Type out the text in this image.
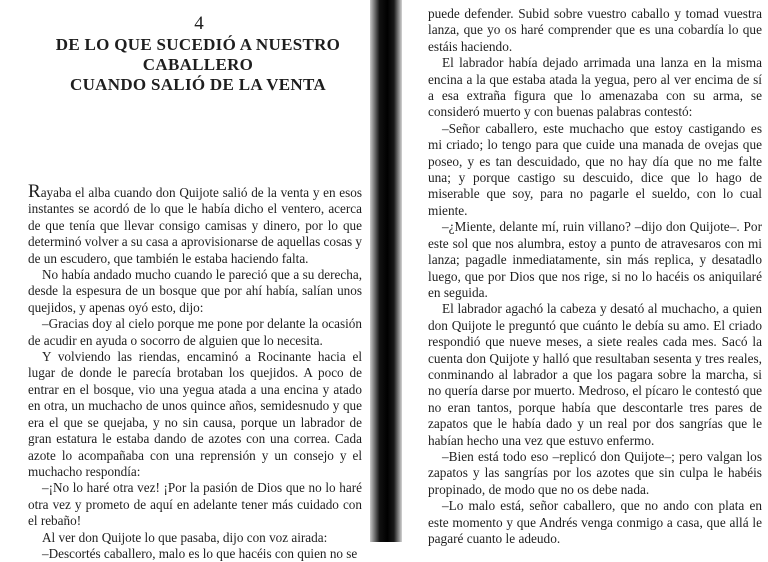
4
DE LO QUE SUCEDIÓ A NUESTRO CABALLERO
CUANDO SALIÓ DE LA VENTA

Rayaba el alba cuando don Quijote salió de la venta y en esos instantes se acordó de lo que le había dicho el ventero, acerca de que tenía que llevar consigo camisas y dinero, por lo que determinó volver a su casa a aprovisionarse de aquellas cosas y de un escudero, que también le estaba haciendo falta.

No había andado mucho cuando le pareció que a su derecha, desde la espesura de un bosque que por ahí había, salían unos quejidos, y apenas oyó esto, dijo:

–Gracias doy al cielo porque me pone por delante la ocasión de acudir en ayuda o socorro de alguien que lo necesita.

Y volviendo las riendas, encaminó a Rocinante hacia el lugar de donde le parecía brotaban los quejidos. A poco de entrar en el bosque, vio una yegua atada a una encina y atado en otra, un muchacho de unos quince años, semidesnudo y que era el que se quejaba, y no sin causa, porque un labrador de gran estatura le estaba dando de azotes con una correa. Cada azote lo acompañaba con una reprensión y un consejo y el muchacho respondía:

–¡No lo haré otra vez! ¡Por la pasión de Dios que no lo haré otra vez y prometo de aquí en adelante tener más cuidado con el rebaño!

Al ver don Quijote lo que pasaba, dijo con voz airada:

–Descortés caballero, malo es lo que hacéis con quien no se

puede defender. Subid sobre vuestro caballo y tomad vuestra lanza, que yo os haré comprender que es una cobardía lo que estáis haciendo.

El labrador había dejado arrimada una lanza en la misma encina a la que estaba atada la yegua, pero al ver encima de sí a esa extraña figura que lo amenazaba con su arma, se consideró muerto y con buenas palabras contestó:

–Señor caballero, este muchacho que estoy castigando es mi criado; lo tengo para que cuide una manada de ovejas que poseo, y es tan descuidado, que no hay día que no me falte una; y porque castigo su descuido, dice que lo hago de miserable que soy, para no pagarle el sueldo, con lo cual miente.

–¿Miente, delante mí, ruin villano? –dijo don Quijote–. Por este sol que nos alumbra, estoy a punto de atravesaros con mi lanza; pagadle inmediatamente, sin más replica, y desatadlo luego, que por Dios que nos rige, si no lo hacéis os aniquilaré en seguida.

El labrador agachó la cabeza y desató al muchacho, a quien don Quijote le preguntó que cuánto le debía su amo. El criado respondió que nueve meses, a siete reales cada mes. Sacó la cuenta don Quijote y halló que resultaban sesenta y tres reales, conminando al labrador a que los pagara sobre la marcha, si no quería darse por muerto. Medroso, el pícaro le contestó que no eran tantos, porque había que descontarle tres pares de zapatos que le había dado y un real por dos sangrías que le habían hecho una vez que estuvo enfermo.

–Bien está todo eso –replicó don Quijote–; pero valgan los zapatos y las sangrías por los azotes que sin culpa le habéis propinado, de modo que no os debe nada.

–Lo malo está, señor caballero, que no ando con plata en este momento y que Andrés venga conmigo a casa, que allá le pagaré cuanto le adeudo.
